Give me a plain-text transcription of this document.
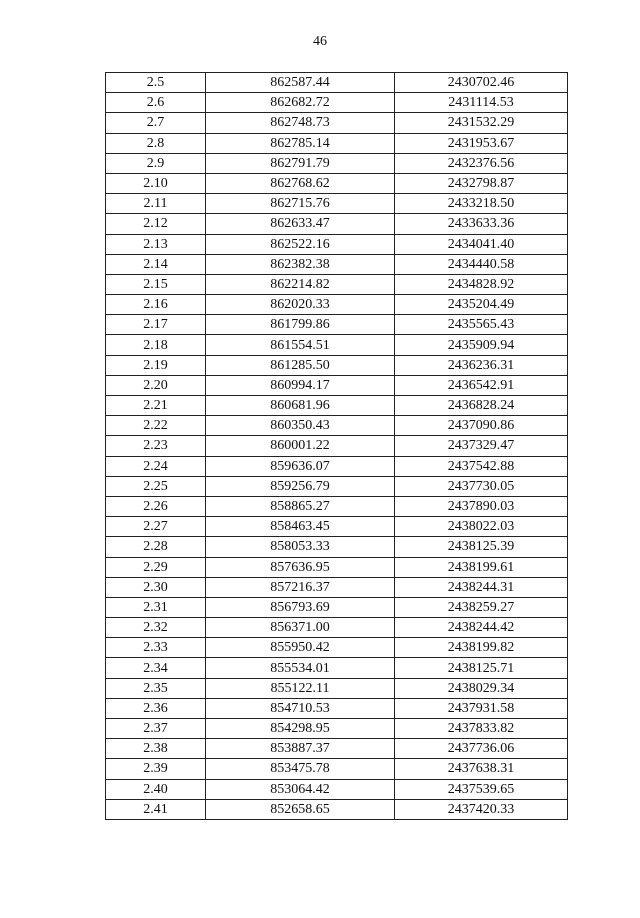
46
2.5	862587.44	2430702.46
2.6	862682.72	2431114.53
2.7	862748.73	2431532.29
2.8	862785.14	2431953.67
2.9	862791.79	2432376.56
2.10	862768.62	2432798.87
2.11	862715.76	2433218.50
2.12	862633.47	2433633.36
2.13	862522.16	2434041.40
2.14	862382.38	2434440.58
2.15	862214.82	2434828.92
2.16	862020.33	2435204.49
2.17	861799.86	2435565.43
2.18	861554.51	2435909.94
2.19	861285.50	2436236.31
2.20	860994.17	2436542.91
2.21	860681.96	2436828.24
2.22	860350.43	2437090.86
2.23	860001.22	2437329.47
2.24	859636.07	2437542.88
2.25	859256.79	2437730.05
2.26	858865.27	2437890.03
2.27	858463.45	2438022.03
2.28	858053.33	2438125.39
2.29	857636.95	2438199.61
2.30	857216.37	2438244.31
2.31	856793.69	2438259.27
2.32	856371.00	2438244.42
2.33	855950.42	2438199.82
2.34	855534.01	2438125.71
2.35	855122.11	2438029.34
2.36	854710.53	2437931.58
2.37	854298.95	2437833.82
2.38	853887.37	2437736.06
2.39	853475.78	2437638.31
2.40	853064.42	2437539.65
2.41	852658.65	2437420.33
